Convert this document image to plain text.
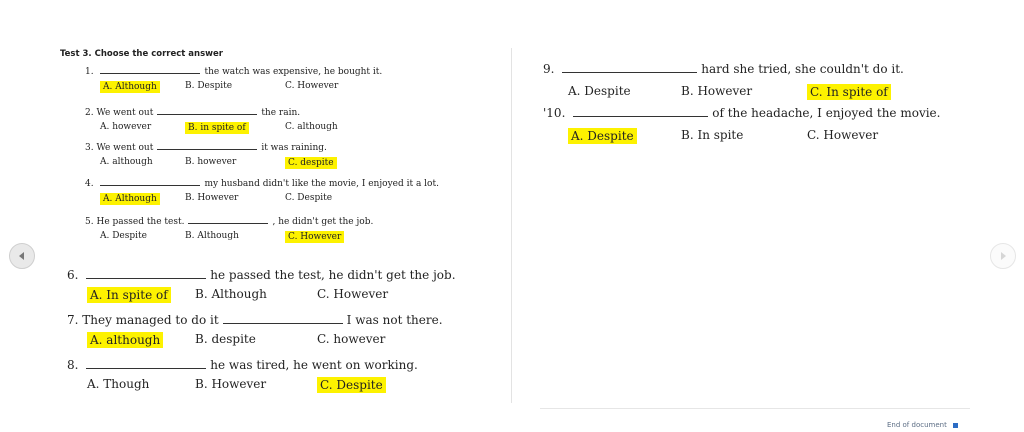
Test 3. Choose the correct answer
1.	the watch was expensive, he bought it.
A. Although	B. Despite	C. However
2. We went out	the rain.
A. however	B. in spite of	C. although
3. We went out	it was raining.
A. although	B. however	C. despite
4.	my husband didn't like the movie, I enjoyed it a lot.
A. Although	B. However	C. Despite
5. He passed the test.	, he didn't get the job.
A. Despite	B. Although	C. However
6.	he passed the test, he didn't get the job.
A. In spite of B. Although	C. However
7. They managed to do it	I was not there.
A. although	B. despite	C. however
8.	he was tired, he went on working.
A. Though	B. However	C. Despite
9.	hard she tried, she couldn't do it.
A. Despite	B. However	C. In spite of
'10.	of the headache, I enjoyed the movie.
A. Despite	B. In spite	C. However
End of document
